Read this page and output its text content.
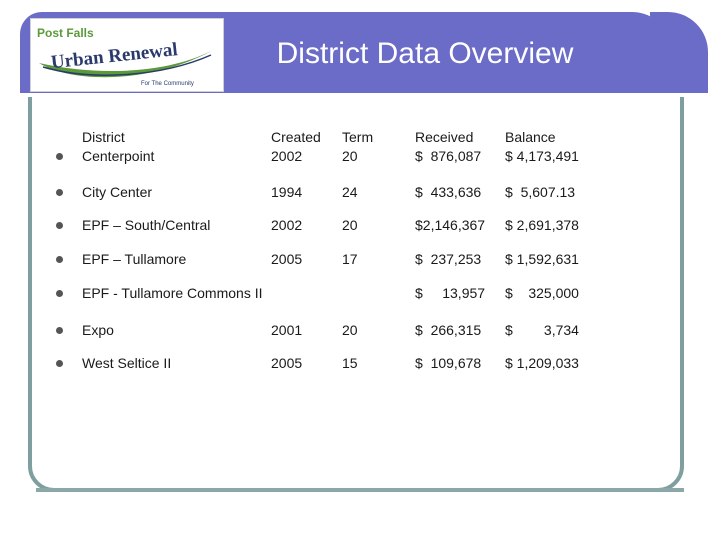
District Data Overview
Post Falls
Urban Renewal
For The Community
District	Created Term	Received Balance
Centerpoint	2002	20	$  876,087 $ 4,173,491
City Center	1994	24	$  433,636 $  5,607.13
EPF – South/Central	2002	20	$2,146,367 $ 2,691,378
EPF – Tullamore	2005	17	$  237,253 $ 1,592,631
EPF - Tullamore Commons II	$     13,957 $    325,000
Expo	2001	20	$  266,315 $        3,734
West Seltice II	2005	15	$  109,678 $ 1,209,033
